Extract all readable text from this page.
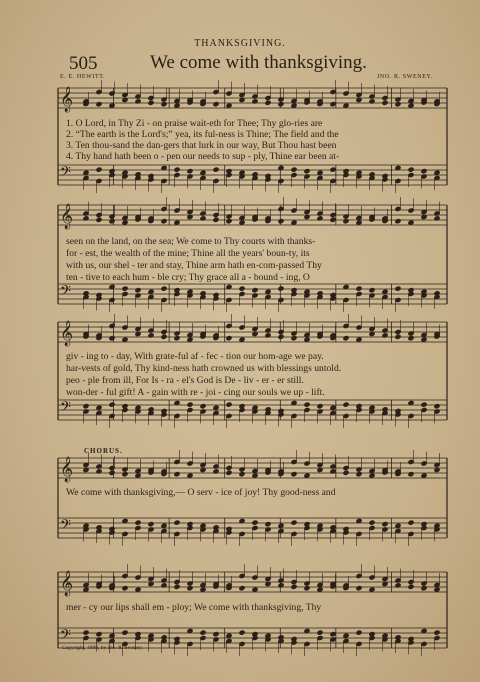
THANKSGIVING.
505	We come with thanksgiving.
E. E. HEWITT.	JNO. R. SWENEY.
𝄞
𝄢
𝄞
𝄢
𝄞
𝄢
𝄞
𝄢
𝄞
𝄢
1. O Lord, in Thy Zi - on praise wait-eth for Thee; Thy glo-ries are
2. “The earth is the Lord's;” yea, its ful-ness is Thine; The field and the
3. Ten thou-sand the dan-gers that lurk in our way, But Thou hast been
4. Thy hand hath been o - pen our needs to sup - ply, Thine ear been at-
seen on the land, on the sea; We come to Thy courts with thanks-
for - est, the wealth of the mine; Thine all the years' boun-ty, its
with us, our shel - ter and stay, Thine arm hath en-com-passed Thy
ten - tive to each hum - ble cry; Thy grace all a - bound - ing, O
giv - ing to - day, With grate-ful af - fec - tion our hom-age we pay.
har-vests of gold, Thy kind-ness hath crowned us with blessings untold.
peo - ple from ill, For Is - ra - el's God is De - liv - er - er still.
won-der - ful gift! A - gain with re - joi - cing our souls we up - lift.
CHORUS.
We come with thanksgiving,— O serv - ice of joy! Thy good-ness and
mer - cy our lips shall em - ploy; We come with thanksgiving, Thy
Copyright, 1898, by Jno. R. Sweney.
